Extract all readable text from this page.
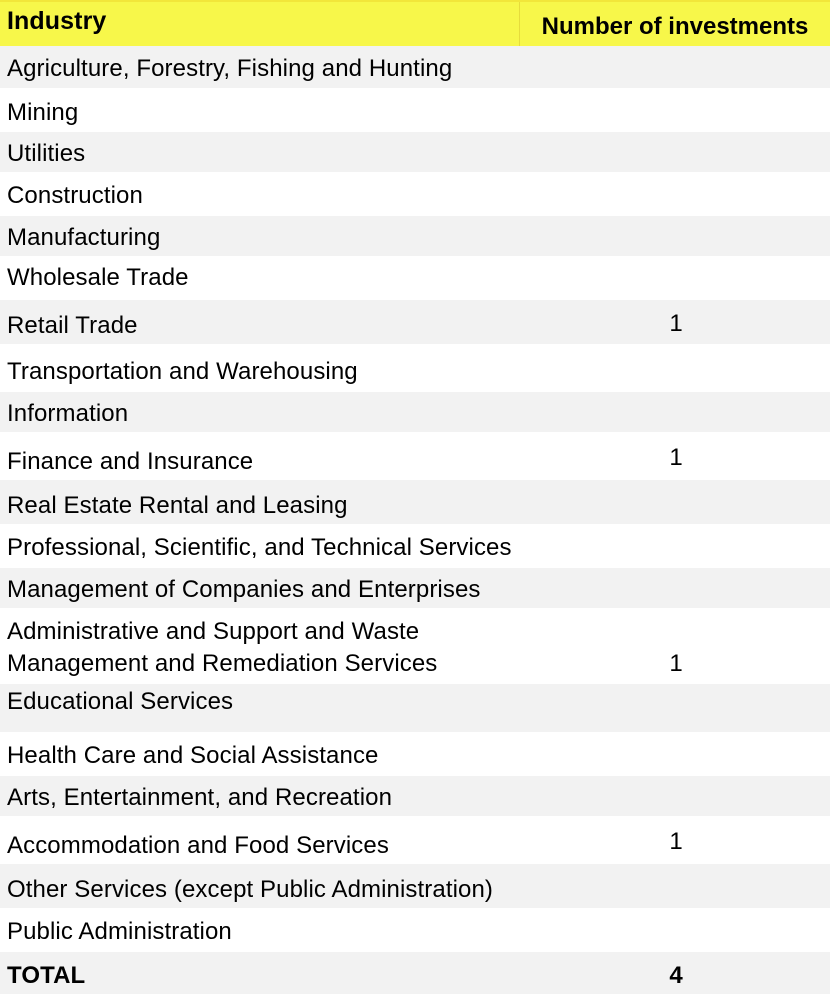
Industry	Number of investments
Agriculture, Forestry, Fishing and Hunting
Mining
Utilities
Construction
Manufacturing
Wholesale Trade
Retail Trade	1
Transportation and Warehousing
Information
Finance and Insurance	1
Real Estate Rental and Leasing
Professional, Scientific, and Technical Services
Management of Companies and Enterprises
Administrative and Support and Waste
Management and Remediation Services	1
Educational Services
Health Care and Social Assistance
Arts, Entertainment, and Recreation
Accommodation and Food Services	1
Other Services (except Public Administration)
Public Administration
TOTAL	4
